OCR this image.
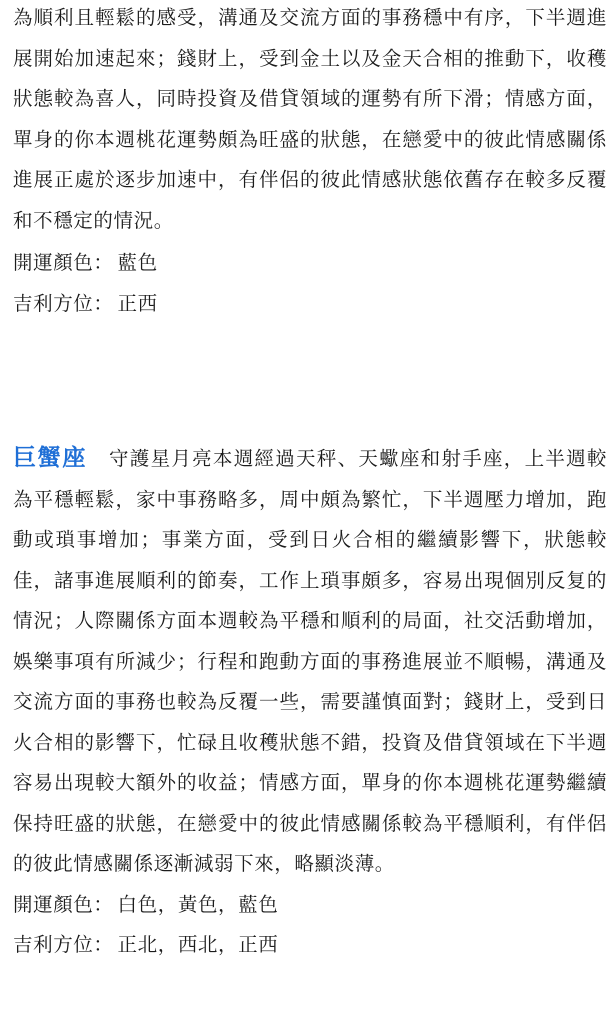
為順利且輕鬆的感受，溝通及交流方面的事務穩中有序，下半週進展開始加速起來；錢財上，受到金土以及金天合相的推動下，收穫狀態較為喜人，同時投資及借貸領域的運勢有所下滑；情感方面，單身的你本週桃花運勢頗為旺盛的狀態，在戀愛中的彼此情感關係進展正處於逐步加速中，有伴侶的彼此情感狀態依舊存在較多反覆和不穩定的情況。

開運顏色： 藍色

吉利方位： 正西

巨蟹座 守護星月亮本週經過天秤、天蠍座和射手座，上半週較為平穩輕鬆，家中事務略多，周中頗為繁忙，下半週壓力增加，跑動或瑣事增加；事業方面，受到日火合相的繼續影響下，狀態較佳，諸事進展順利的節奏，工作上瑣事頗多，容易出現個別反复的情況；人際關係方面本週較為平穩和順利的局面，社交活動增加，娛樂事項有所減少；行程和跑動方面的事務進展並不順暢，溝通及交流方面的事務也較為反覆一些，需要謹慎面對；錢財上，受到日火合相的影響下，忙碌且收穫狀態不錯，投資及借貸領域在下半週容易出現較大額外的收益；情感方面，單身的你本週桃花運勢繼續保持旺盛的狀態，在戀愛中的彼此情感關係較為平穩順利，有伴侶的彼此情感關係逐漸減弱下來，略顯淡薄。

開運顏色： 白色，黃色，藍色

吉利方位： 正北，西北，正西
